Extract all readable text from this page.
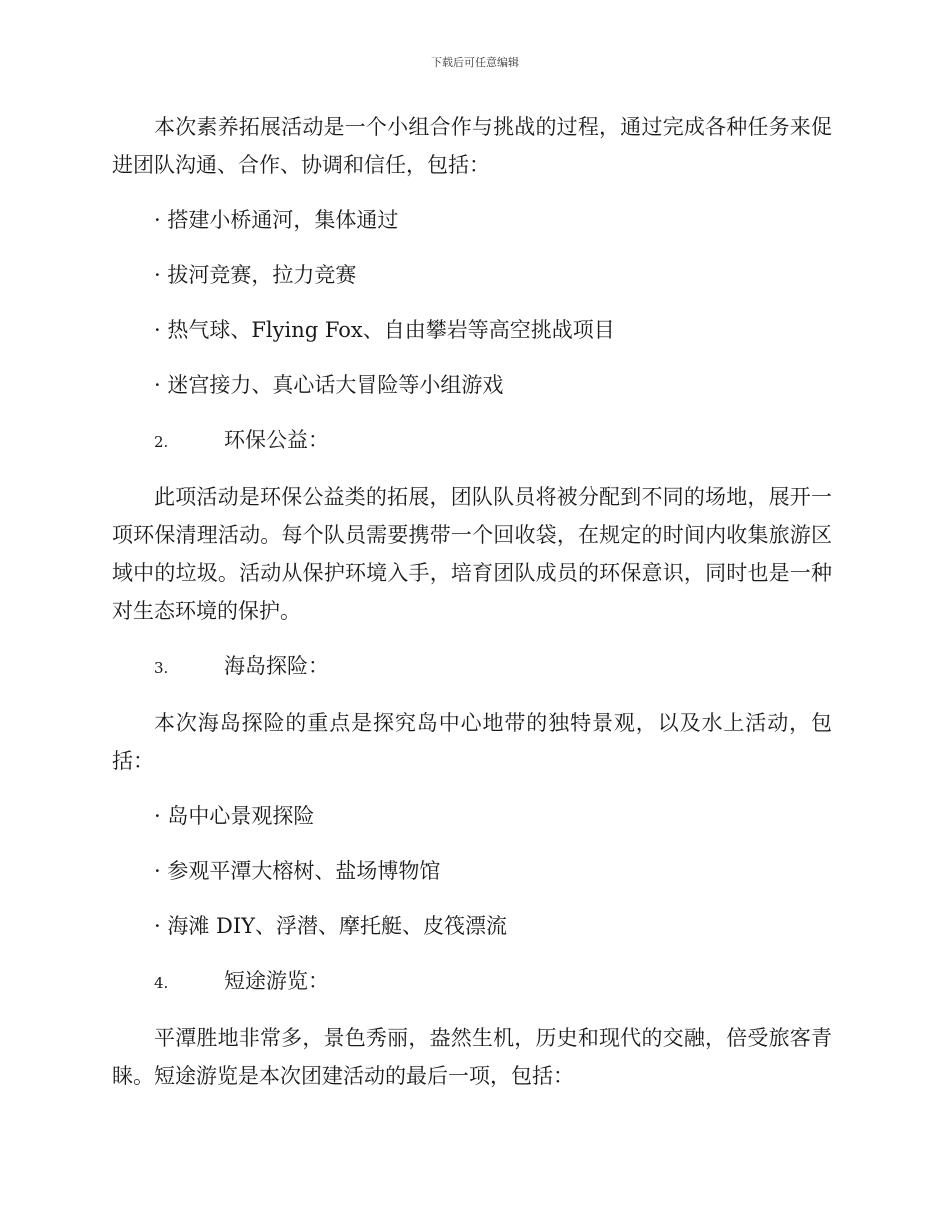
下载后可任意编辑

本次素养拓展活动是一个小组合作与挑战的过程，通过完成各种任务来促进团队沟通、合作、协调和信任，包括：

· 搭建小桥通河，集体通过

· 拔河竞赛，拉力竞赛

· 热气球、Flying Fox、自由攀岩等高空挑战项目

· 迷宫接力、真心话大冒险等小组游戏

2.	环保公益：

此项活动是环保公益类的拓展，团队队员将被分配到不同的场地，展开一项环保清理活动。每个队员需要携带一个回收袋，在规定的时间内收集旅游区域中的垃圾。活动从保护环境入手，培育团队成员的环保意识，同时也是一种对生态环境的保护。

3.	海岛探险：

本次海岛探险的重点是探究岛中心地带的独特景观，以及水上活动，包括：

· 岛中心景观探险

· 参观平潭大榕树、盐场博物馆

· 海滩 DIY、浮潜、摩托艇、皮筏漂流

4.	短途游览：

平潭胜地非常多，景色秀丽，盎然生机，历史和现代的交融，倍受旅客青睐。短途游览是本次团建活动的最后一项，包括：
